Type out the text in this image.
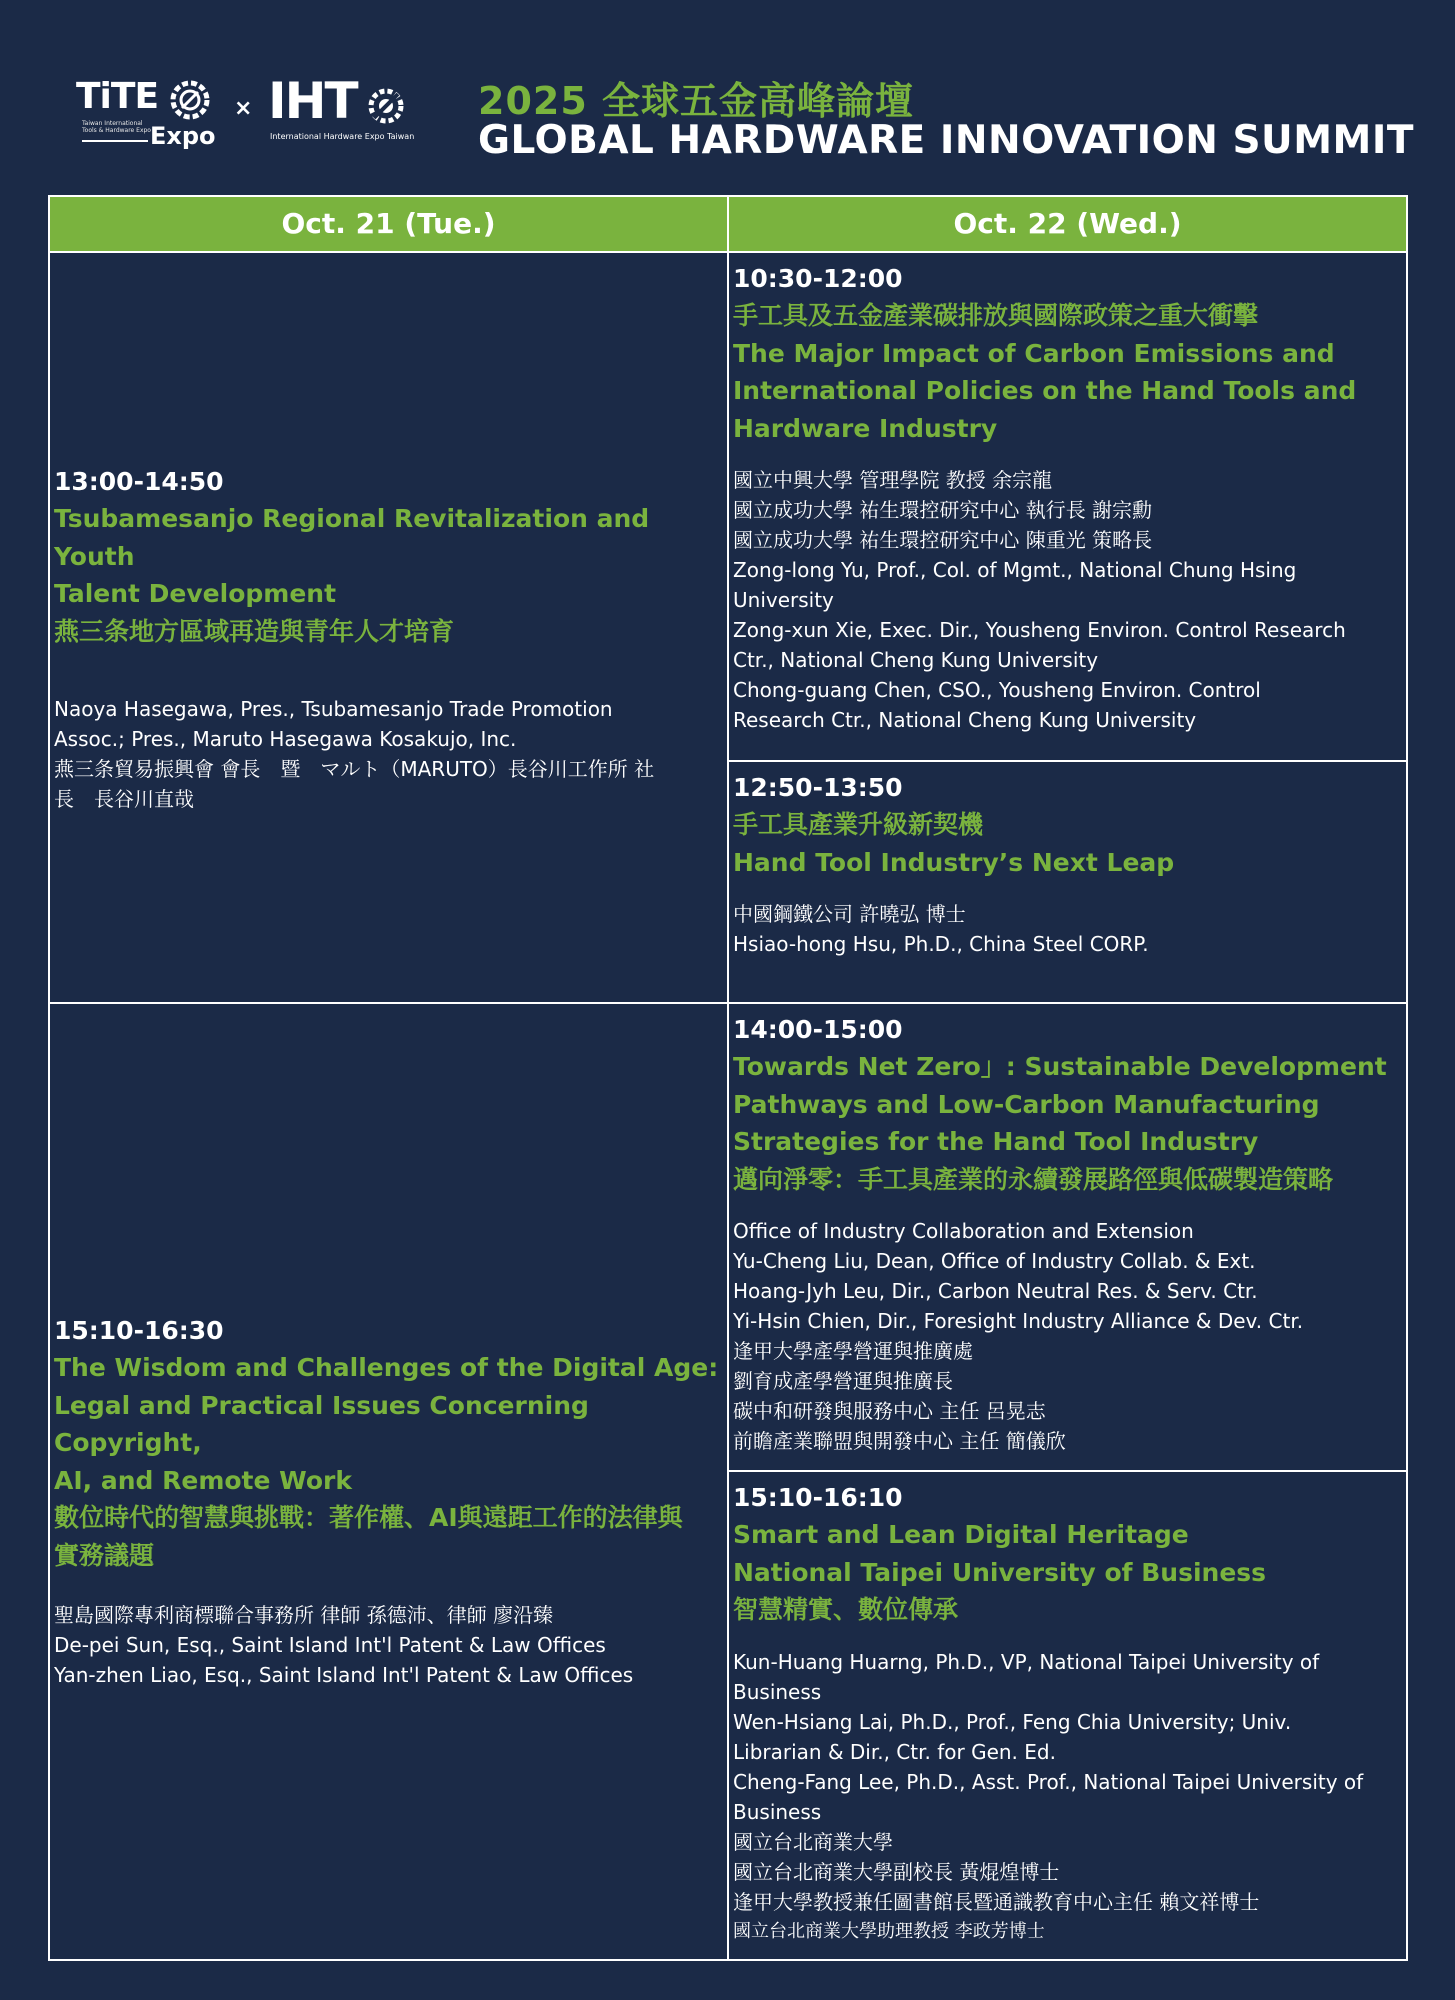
TiTE
Taiwan International Tools & Hardware Expo Expo
× IHT
International Hardware Expo Taiwan
2025 全球五金高峰論壇
GLOBAL HARDWARE INNOVATION SUMMIT
Oct. 21 (Tue.)	Oct. 22 (Wed.)
13:00-14:50
Tsubamesanjo Regional Revitalization and Youth
Talent Development
燕三条地方區域再造與青年人才培育
Naoya Hasegawa, Pres., Tsubamesanjo Trade Promotion
Assoc.; Pres., Maruto Hasegawa Kosakujo, Inc.
燕三条貿易振興會 會長　暨　マルト（MARUTO）長谷川工作所 社
長　長谷川直哉
15:10-16:30
The Wisdom and Challenges of the Digital Age:
Legal and Practical Issues Concerning Copyright,
AI, and Remote Work
數位時代的智慧與挑戰：著作權、AI與遠距工作的法律與
實務議題
聖島國際專利商標聯合事務所 律師 孫德沛、律師 廖沿臻
De-pei Sun, Esq., Saint Island Int'l Patent & Law Offices
Yan-zhen Liao, Esq., Saint Island Int'l Patent & Law Offices
10:30-12:00
手工具及五金產業碳排放與國際政策之重大衝擊
The Major Impact of Carbon Emissions and
International Policies on the Hand Tools and
Hardware Industry
國立中興大學 管理學院 教授 余宗龍
國立成功大學 祐生環控研究中心 執行長 謝宗勳
國立成功大學 祐生環控研究中心 陳重光 策略長
Zong-long Yu, Prof., Col. of Mgmt., National Chung Hsing
University
Zong-xun Xie, Exec. Dir., Yousheng Environ. Control Research
Ctr., National Cheng Kung University
Chong-guang Chen, CSO., Yousheng Environ. Control
Research Ctr., National Cheng Kung University
12:50-13:50
手工具產業升級新契機
Hand Tool Industry’s Next Leap
中國鋼鐵公司 許曉弘 博士
Hsiao-hong Hsu, Ph.D., China Steel CORP.
14:00-15:00
Towards Net Zero」: Sustainable Development
Pathways and Low-Carbon Manufacturing
Strategies for the Hand Tool Industry
邁向淨零：手工具產業的永續發展路徑與低碳製造策略
Office of Industry Collaboration and Extension
Yu-Cheng Liu, Dean, Office of Industry Collab. & Ext.
Hoang-Jyh Leu, Dir., Carbon Neutral Res. & Serv. Ctr.
Yi-Hsin Chien, Dir., Foresight Industry Alliance & Dev. Ctr.
逢甲大學產學營運與推廣處
劉育成產學營運與推廣長
碳中和研發與服務中心 主任 呂晃志
前瞻產業聯盟與開發中心 主任 簡儀欣
15:10-16:10
Smart and Lean Digital Heritage
National Taipei University of Business
智慧精實、數位傳承
Kun-Huang Huarng, Ph.D., VP, National Taipei University of
Business
Wen-Hsiang Lai, Ph.D., Prof., Feng Chia University; Univ.
Librarian & Dir., Ctr. for Gen. Ed.
Cheng-Fang Lee, Ph.D., Asst. Prof., National Taipei University of
Business
國立台北商業大學
國立台北商業大學副校長 黃焜煌博士
逢甲大學教授兼任圖書館長暨通識教育中心主任 賴文祥博士
國立台北商業大學助理教授 李政芳博士
